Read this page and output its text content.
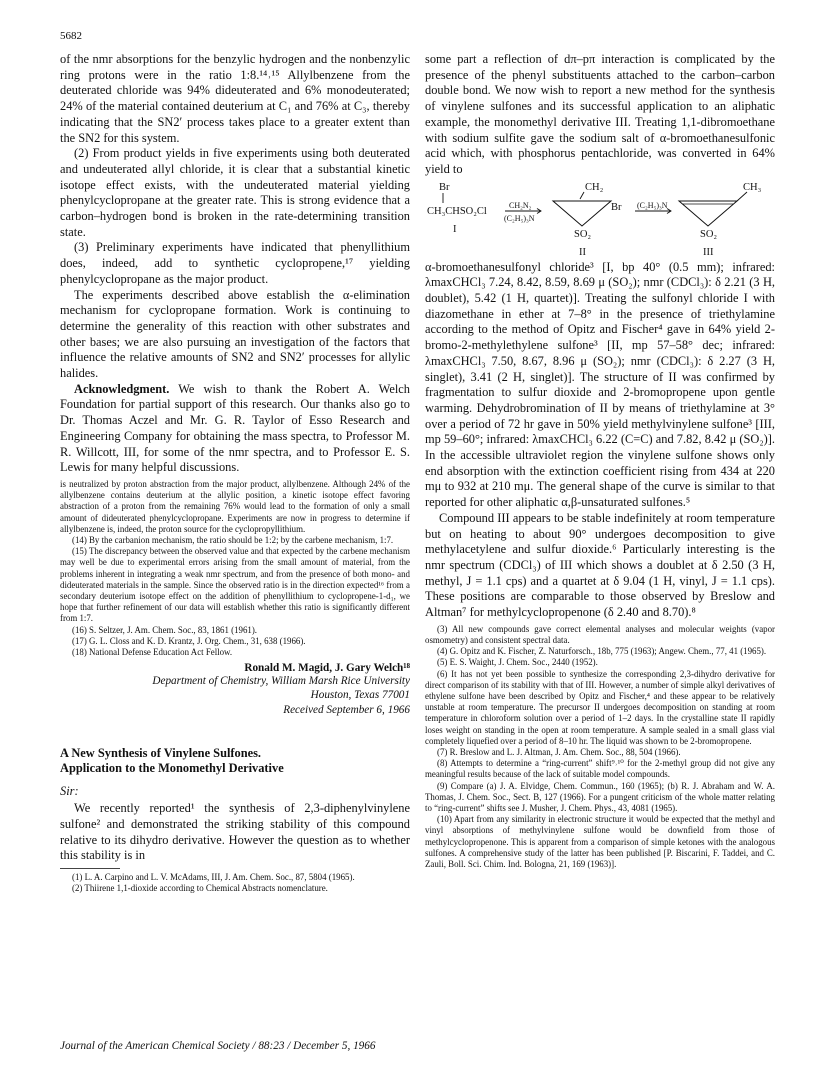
5682

of the nmr absorptions for the benzylic hydrogen and the nonbenzylic ring protons were in the ratio 1:8.¹⁴˒¹⁵ Allylbenzene from the deuterated chloride was 94% dideuterated and 6% monodeuterated; 24% of the material contained deuterium at C₁ and 76% at C₃, thereby indicating that the SN2′ process takes place to a greater extent than the SN2 for this system.

(2) From product yields in five experiments using both deuterated and undeuterated allyl chloride, it is clear that a substantial kinetic isotope effect exists, with the undeuterated material yielding phenylcyclopropane at the greater rate. This is strong evidence that a carbon–hydrogen bond is broken in the rate-determining transition state.

(3) Preliminary experiments have indicated that phenyllithium does, indeed, add to synthetic cyclopropene,¹⁷ yielding phenylcyclopropane as the major product.

The experiments described above establish the α-elimination mechanism for cyclopropane formation. Work is continuing to determine the generality of this reaction with other substrates and other bases; we are also pursuing an investigation of the factors that influence the relative amounts of SN2 and SN2′ processes for allylic halides.

Acknowledgment. We wish to thank the Robert A. Welch Foundation for partial support of this research. Our thanks also go to Dr. Thomas Aczel and Mr. G. R. Taylor of Esso Research and Engineering Company for obtaining the mass spectra, to Professor M. R. Willcott, III, for some of the nmr spectra, and to Professor E. S. Lewis for many helpful discussions.

is neutralized by proton abstraction from the major product, allylbenzene. Although 24% of the allylbenzene contains deuterium at the allylic position, a kinetic isotope effect favoring abstraction of a proton from the remaining 76% would lead to the formation of only a small amount of dideuterated phenylcyclopropane. Experiments are now in progress to determine if allylbenzene is, indeed, the proton source for the cyclopropyllithium.

(14) By the carbanion mechanism, the ratio should be 1:2; by the carbene mechanism, 1:7.

(15) The discrepancy between the observed value and that expected by the carbene mechanism may well be due to experimental errors arising from the small amount of material, from the problems inherent in integrating a weak nmr spectrum, and from the presence of both mono- and dideuterated materials in the sample. Since the observed ratio is in the direction expected¹⁶ from a secondary deuterium isotope effect on the addition of phenyllithium to cyclopropene-1-d₁, we hope that further refinement of our data will establish whether this ratio is significantly different from 1:7.

(16) S. Seltzer, J. Am. Chem. Soc., 83, 1861 (1961).

(17) G. L. Closs and K. D. Krantz, J. Org. Chem., 31, 638 (1966).

(18) National Defense Education Act Fellow.

Ronald M. Magid, J. Gary Welch¹⁸
Department of Chemistry, William Marsh Rice University
Houston, Texas 77001
Received September 6, 1966
A New Synthesis of Vinylene Sulfones.
Application to the Monomethyl Derivative
Sir:

We recently reported¹ the synthesis of 2,3-diphenylvinylene sulfone² and demonstrated the striking stability of this compound relative to its dihydro derivative. However the question as to whether this stability is in

(1) L. A. Carpino and L. V. McAdams, III, J. Am. Chem. Soc., 87, 5804 (1965).

(2) Thiirene 1,1-dioxide according to Chemical Abstracts nomenclature.

some part a reflection of dπ–pπ interaction is complicated by the presence of the phenyl substituents attached to the carbon–carbon double bond. We now wish to report a new method for the synthesis of vinylene sulfones and its successful application to an aliphatic example, the monomethyl derivative III. Treating 1,1-dibromoethane with sodium sulfite gave the sodium salt of α-bromoethanesulfonic acid which, with phosphorus pentachloride, was converted in 64% yield to

Br
CH₃CHSO₂Cl
I
CH₂N₂
(C₂H₅)₃N
CH₂
Br
SO₂
II
(C₂H₅)₃N
CH₃
SO₂
III

α-bromoethanesulfonyl chloride³ [I, bp 40° (0.5 mm); infrared: λmaxCHCl₃ 7.24, 8.42, 8.59, 8.69 μ (SO₂); nmr (CDCl₃): δ 2.21 (3 H, doublet), 5.42 (1 H, quartet)]. Treating the sulfonyl chloride I with diazomethane in ether at 7–8° in the presence of triethylamine according to the method of Opitz and Fischer⁴ gave in 64% yield 2-bromo-2-methylethylene sulfone³ [II, mp 57–58° dec; infrared: λmaxCHCl₃ 7.50, 8.67, 8.96 μ (SO₂); nmr (CDCl₃): δ 2.27 (3 H, singlet), 3.41 (2 H, singlet)]. The structure of II was confirmed by fragmentation to sulfur dioxide and 2-bromopropene upon gentle warming. Dehydrobromination of II by means of triethylamine at 3° over a period of 72 hr gave in 50% yield methylvinylene sulfone³ [III, mp 59–60°; infrared: λmaxCHCl₃ 6.22 (C=C) and 7.82, 8.42 μ (SO₂)]. In the accessible ultraviolet region the vinylene sulfone shows only end absorption with the extinction coefficient rising from 434 at 220 mμ to 932 at 210 mμ. The general shape of the curve is similar to that reported for other aliphatic α,β-unsaturated sulfones.⁵

Compound III appears to be stable indefinitely at room temperature but on heating to about 90° undergoes decomposition to give methylacetylene and sulfur dioxide.⁶ Particularly interesting is the nmr spectrum (CDCl₃) of III which shows a doublet at δ 2.50 (3 H, methyl, J = 1.1 cps) and a quartet at δ 9.04 (1 H, vinyl, J = 1.1 cps). These positions are comparable to those observed by Breslow and Altman⁷ for methylcyclopropenone (δ 2.40 and 8.70).⁸

(3) All new compounds gave correct elemental analyses and molecular weights (vapor osmometry) and consistent spectral data.

(4) G. Opitz and K. Fischer, Z. Naturforsch., 18b, 775 (1963); Angew. Chem., 77, 41 (1965).

(5) E. S. Waight, J. Chem. Soc., 2440 (1952).

(6) It has not yet been possible to synthesize the corresponding 2,3-dihydro derivative for direct comparison of its stability with that of III. However, a number of simple alkyl derivatives of ethylene sulfone have been described by Opitz and Fischer,⁴ and these appear to be relatively unstable at room temperature. The precursor II undergoes decomposition on standing at room temperature in chloroform solution over a period of 1–2 days. In the crystalline state II rapidly loses weight on standing in the open at room temperature. A sample sealed in a small glass vial completely liquefied over a period of 8–10 hr. The liquid was shown to be 2-bromopropene.

(7) R. Breslow and L. J. Altman, J. Am. Chem. Soc., 88, 504 (1966).

(8) Attempts to determine a “ring-current” shift⁹˒¹⁰ for the 2-methyl group did not give any meaningful results because of the lack of suitable model compounds.

(9) Compare (a) J. A. Elvidge, Chem. Commun., 160 (1965); (b) R. J. Abraham and W. A. Thomas, J. Chem. Soc., Sect. B, 127 (1966). For a pungent criticism of the whole matter relating to “ring-current” shifts see J. Musher, J. Chem. Phys., 43, 4081 (1965).

(10) Apart from any similarity in electronic structure it would be expected that the methyl and vinyl absorptions of methylvinylene sulfone would be downfield from those of methylcyclopropenone. This is apparent from a comparison of simple ketones with the analogous sulfones. A comprehensive study of the latter has been published [P. Biscarini, F. Taddei, and C. Zauli, Boll. Sci. Chim. Ind. Bologna, 21, 169 (1963)].

Journal of the American Chemical Society / 88:23 / December 5, 1966
